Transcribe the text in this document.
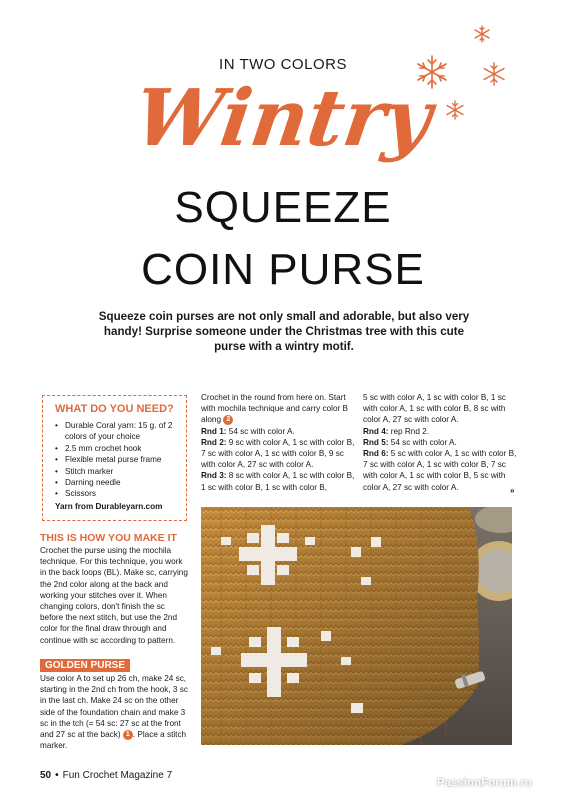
IN TWO COLORS
Wintry
SQUEEZE
COIN PURSE
Squeeze coin purses are not only small and adorable, but also very handy! Surprise someone under the Christmas tree with this cute purse with a wintry motif.
WHAT DO YOU NEED?
• Durable Coral yarn: 15 g. of 2 colors of your choice
• 2.5 mm crochet hook
• Flexible metal purse frame
• Stitch marker
• Darning needle
• Scissors
Yarn from Durableyarn.com
THIS IS HOW YOU MAKE IT
Crochet the purse using the mochila technique. For this technique, you work in the back loops (BL). Make sc, carrying the 2nd color along at the back and working your stitches over it. When changing colors, don't finish the sc before the next stitch, but use the 2nd color for the final draw through and continue with sc according to pattern.
GOLDEN PURSE
Use color A to set up 26 ch, make 24 sc, starting in the 2nd ch from the hook, 3 sc in the last ch. Make 24 sc on the other side of the foundation chain and make 3 sc in the tch (= 54 sc: 27 sc at the front and 27 sc at the back) 1 . Place a stitch marker.
Crochet in the round from here on. Start with mochila technique and carry color B along 2
Rnd 1: 54 sc with color A.
Rnd 2: 9 sc with color A, 1 sc with color B, 7 sc with color A, 1 sc with color B, 9 sc with color A, 27 sc with color A.
Rnd 3: 8 sc with color A, 1 sc with color B, 1 sc with color B, 1 sc with color B,
5 sc with color A, 1 sc with color B, 1 sc with color A, 1 sc with color B, 8 sc with color A, 27 sc with color A.
Rnd 4: rep Rnd 2.
Rnd 5: 54 sc with color A.
Rnd 6: 5 sc with color A, 1 sc with color B, 7 sc with color A, 1 sc with color B, 7 sc with color A, 1 sc with color B, 5 sc with color A, 27 sc with color A.	»
50 • Fun Crochet Magazine 7
PassionForum.ru
